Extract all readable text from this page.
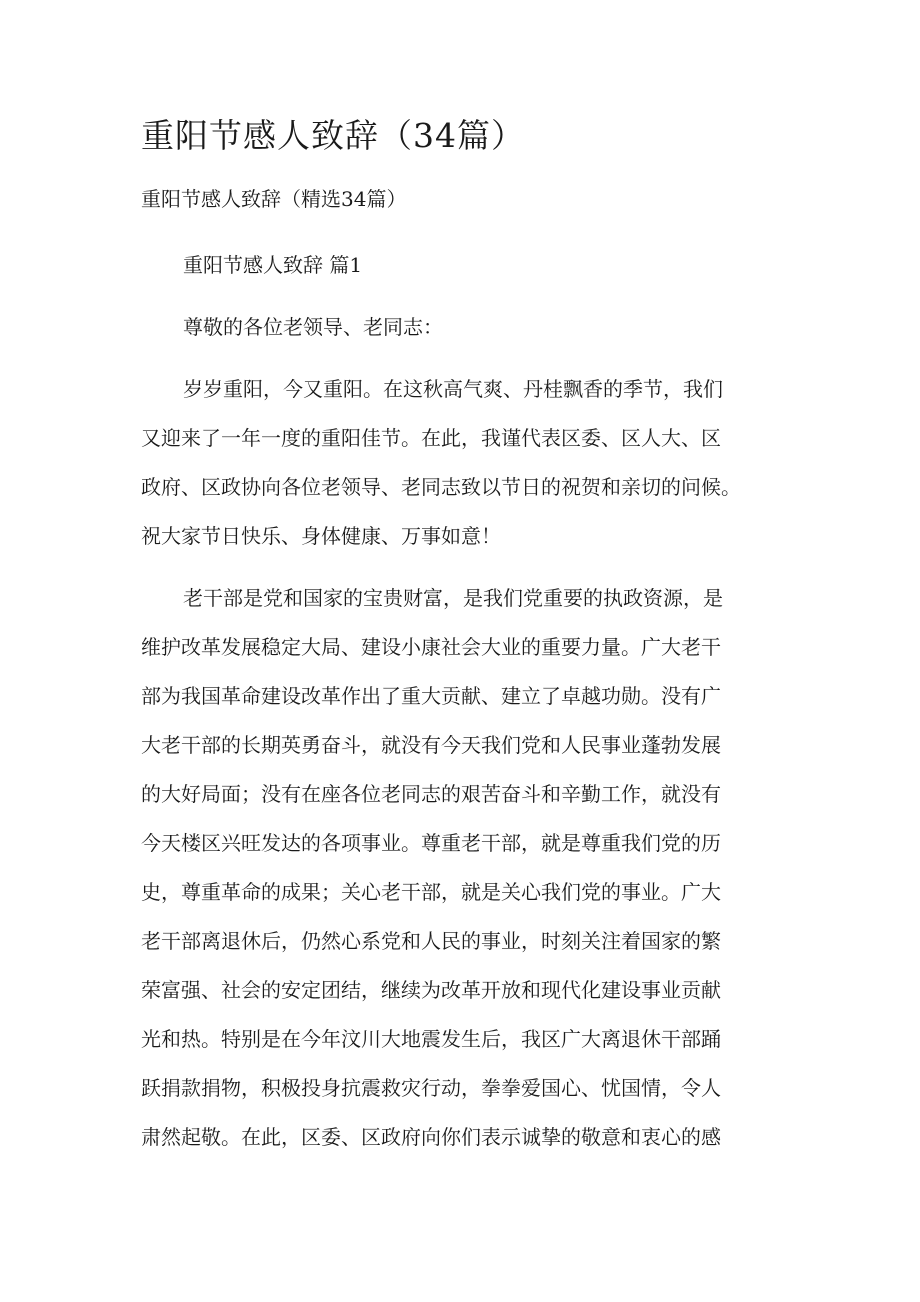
重阳节感人致辞（34篇）
重阳节感人致辞（精选34篇）
重阳节感人致辞 篇1
尊敬的各位老领导、老同志：
岁岁重阳，今又重阳。在这秋高气爽、丹桂飘香的季节，我们
又迎来了一年一度的重阳佳节。在此，我谨代表区委、区人大、区
政府、区政协向各位老领导、老同志致以节日的祝贺和亲切的问候。
祝大家节日快乐、身体健康、万事如意！
老干部是党和国家的宝贵财富，是我们党重要的执政资源，是
维护改革发展稳定大局、建设小康社会大业的重要力量。广大老干
部为我国革命建设改革作出了重大贡献、建立了卓越功勋。没有广
大老干部的长期英勇奋斗，就没有今天我们党和人民事业蓬勃发展
的大好局面；没有在座各位老同志的艰苦奋斗和辛勤工作，就没有
今天楼区兴旺发达的各项事业。尊重老干部，就是尊重我们党的历
史，尊重革命的成果；关心老干部，就是关心我们党的事业。广大
老干部离退休后，仍然心系党和人民的事业，时刻关注着国家的繁
荣富强、社会的安定团结，继续为改革开放和现代化建设事业贡献
光和热。特别是在今年汶川大地震发生后，我区广大离退休干部踊
跃捐款捐物，积极投身抗震救灾行动，拳拳爱国心、忧国情，令人
肃然起敬。在此，区委、区政府向你们表示诚挚的敬意和衷心的感
